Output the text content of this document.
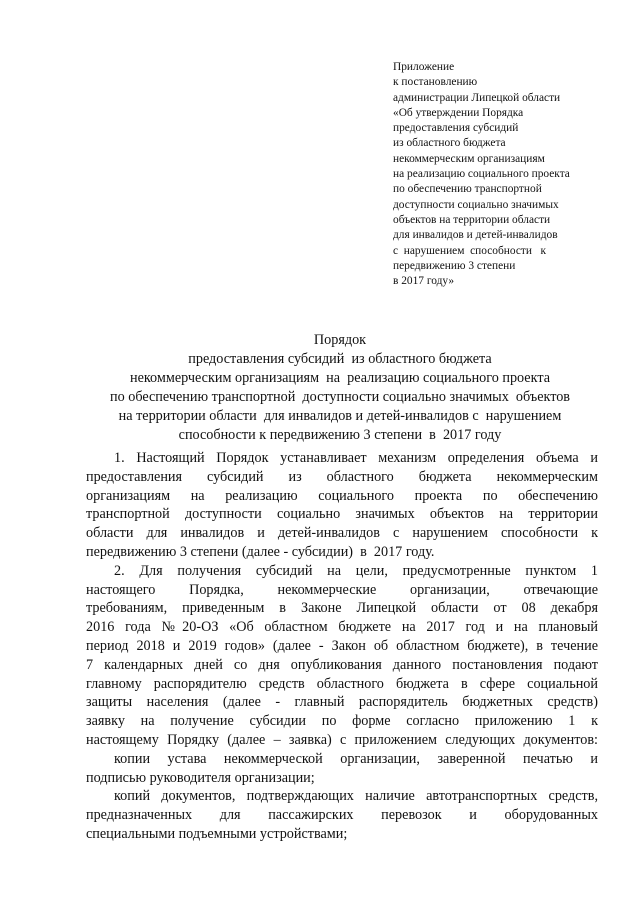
Приложение
к постановлению
администрации Липецкой области
«Об утверждении Порядка
предоставления субсидий
из областного бюджета
некоммерческим организациям
на реализацию социального проекта
по обеспечению транспортной
доступности социально значимых
объектов на территории области
для инвалидов и детей-инвалидов
с  нарушением  способности   к
передвижению 3 степени
в 2017 году»
Порядок
предоставления субсидий  из областного бюджета
некоммерческим организациям  на  реализацию социального проекта
по обеспечению транспортной  доступности социально значимых  объектов
на территории области  для инвалидов и детей-инвалидов с  нарушением
способности к передвижению 3 степени  в  2017 году
1. Настоящий Порядок устанавливает механизм определения объема и
предоставления субсидий из областного бюджета некоммерческим
организациям на реализацию социального проекта по обеспечению
транспортной доступности социально значимых объектов на территории
области для инвалидов и детей-инвалидов с нарушением способности к
передвижению 3 степени (далее - субсидии)  в  2017 году.
2. Для получения субсидий на цели, предусмотренные пунктом 1
настоящего Порядка, некоммерческие организации, отвечающие
требованиям, приведенным в Законе Липецкой области от 08 декабря
2016 года №20-ОЗ «Об областном бюджете на 2017 год и на плановый
период 2018 и 2019 годов» (далее - Закон об областном бюджете), в течение
7 календарных дней со дня опубликования данного постановления подают
главному распорядителю средств областного бюджета в сфере социальной
защиты населения (далее - главный распорядитель бюджетных средств)
заявку на получение субсидии по форме согласно приложению 1 к
настоящему Порядку (далее – заявка) с приложением следующих документов:
копии устава некоммерческой организации, заверенной печатью и
подписью руководителя организации;
копий документов, подтверждающих наличие автотранспортных средств,
предназначенных для пассажирских перевозок и оборудованных
специальными подъемными устройствами;
